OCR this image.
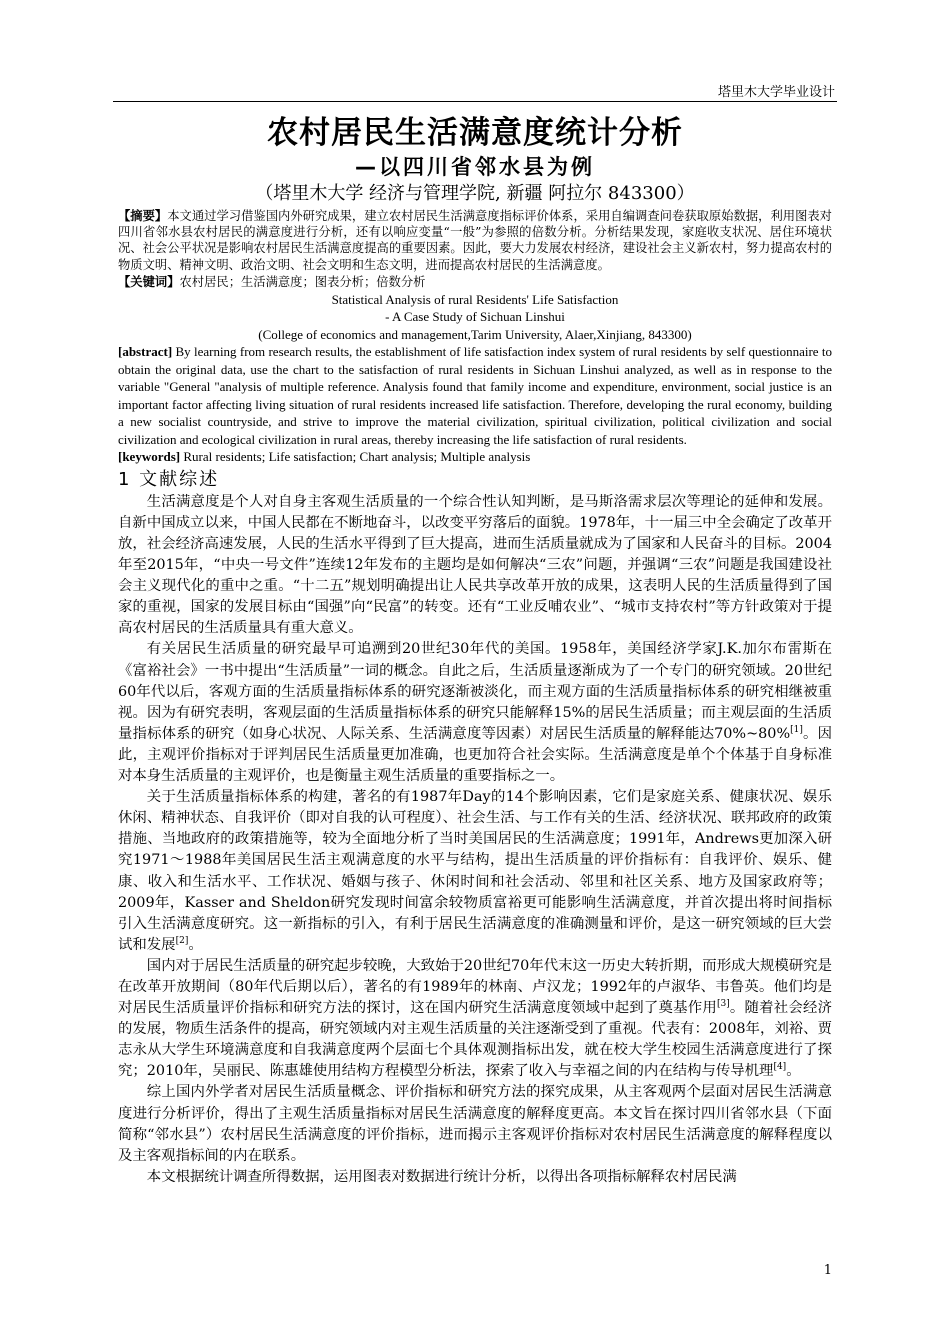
塔里木大学毕业设计
农村居民生活满意度统计分析
—以四川省邻水县为例
（塔里木大学 经济与管理学院, 新疆 阿拉尔 843300）
【摘要】本文通过学习借鉴国内外研究成果，建立农村居民生活满意度指标评价体系，采用自编调查问卷获取原始数据，利用图表对四川省邻水县农村居民的满意度进行分析，还有以响应变量“一般”为参照的倍数分析。分析结果发现，家庭收支状况、居住环境状况、社会公平状况是影响农村居民生活满意度提高的重要因素。因此，要大力发展农村经济，建设社会主义新农村，努力提高农村的物质文明、精神文明、政治文明、社会文明和生态文明，进而提高农村居民的生活满意度。
【关键词】农村居民；生活满意度；图表分析；倍数分析
Statistical Analysis of rural Residents' Life Satisfaction
- A Case Study of Sichuan Linshui
(College of economics and management,Tarim University, Alaer,Xinjiang, 843300)
[abstract] By learning from research results, the establishment of life satisfaction index system of rural residents by self questionnaire to obtain the original data, use the chart to the satisfaction of rural residents in Sichuan Linshui analyzed, as well as in response to the variable "General "analysis of multiple reference. Analysis found that family income and expenditure, environment, social justice is an important factor affecting living situation of rural residents increased life satisfaction. Therefore, developing the rural economy, building a new socialist countryside, and strive to improve the material civilization, spiritual civilization, political civilization and social civilization and ecological civilization in rural areas, thereby increasing the life satisfaction of rural residents.
[keywords] Rural residents; Life satisfaction; Chart analysis; Multiple analysis
1 文献综述

生活满意度是个人对自身主客观生活质量的一个综合性认知判断，是马斯洛需求层次等理论的延伸和发展。自新中国成立以来，中国人民都在不断地奋斗，以改变平穷落后的面貌。1978年，十一届三中全会确定了改革开放，社会经济高速发展，人民的生活水平得到了巨大提高，进而生活质量就成为了国家和人民奋斗的目标。2004年至2015年，“中央一号文件”连续12年发布的主题均是如何解决“三农”问题，并强调“三农”问题是我国建设社会主义现代化的重中之重。“十二五”规划明确提出让人民共享改革开放的成果，这表明人民的生活质量得到了国家的重视，国家的发展目标由“国强”向“民富”的转变。还有“工业反哺农业”、“城市支持农村”等方针政策对于提高农村居民的生活质量具有重大意义。

有关居民生活质量的研究最早可追溯到20世纪30年代的美国。1958年，美国经济学家J.K.加尔布雷斯在《富裕社会》一书中提出“生活质量”一词的概念。自此之后，生活质量逐渐成为了一个专门的研究领域。20世纪60年代以后，客观方面的生活质量指标体系的研究逐渐被淡化，而主观方面的生活质量指标体系的研究相继被重视。因为有研究表明，客观层面的生活质量指标体系的研究只能解释15%的居民生活质量；而主观层面的生活质量指标体系的研究（如身心状况、人际关系、生活满意度等因素）对居民生活质量的解释能达70%~80%[1]。因此，主观评价指标对于评判居民生活质量更加准确，也更加符合社会实际。生活满意度是单个个体基于自身标准对本身生活质量的主观评价，也是衡量主观生活质量的重要指标之一。

关于生活质量指标体系的构建，著名的有1987年Day的14个影响因素，它们是家庭关系、健康状况、娱乐休闲、精神状态、自我评价（即对自我的认可程度）、社会生活、与工作有关的生活、经济状况、联邦政府的政策措施、当地政府的政策措施等，较为全面地分析了当时美国居民的生活满意度；1991年，Andrews更加深入研究1971～1988年美国居民生活主观满意度的水平与结构，提出生活质量的评价指标有：自我评价、娱乐、健康、收入和生活水平、工作状况、婚姻与孩子、休闲时间和社会活动、邻里和社区关系、地方及国家政府等；2009年，Kasser and Sheldon研究发现时间富余较物质富裕更可能影响生活满意度，并首次提出将时间指标引入生活满意度研究。这一新指标的引入，有利于居民生活满意度的准确测量和评价，是这一研究领域的巨大尝试和发展[2]。

国内对于居民生活质量的研究起步较晚，大致始于20世纪70年代末这一历史大转折期，而形成大规模研究是在改革开放期间（80年代后期以后），著名的有1989年的林南、卢汉龙；1992年的卢淑华、韦鲁英。他们均是对居民生活质量评价指标和研究方法的探讨，这在国内研究生活满意度领域中起到了奠基作用[3]。随着社会经济的发展，物质生活条件的提高，研究领域内对主观生活质量的关注逐渐受到了重视。代表有：2008年，刘裕、贾志永从大学生环境满意度和自我满意度两个层面七个具体观测指标出发，就在校大学生校园生活满意度进行了探究；2010年，吴丽民、陈惠雄使用结构方程模型分析法，探索了收入与幸福之间的内在结构与传导机理[4]。

综上国内外学者对居民生活质量概念、评价指标和研究方法的探究成果，从主客观两个层面对居民生活满意度进行分析评价，得出了主观生活质量指标对居民生活满意度的解释度更高。本文旨在探讨四川省邻水县（下面简称“邻水县”）农村居民生活满意度的评价指标，进而揭示主客观评价指标对农村居民生活满意度的解释程度以及主客观指标间的内在联系。

本文根据统计调查所得数据，运用图表对数据进行统计分析，以得出各项指标解释农村居民满

1
